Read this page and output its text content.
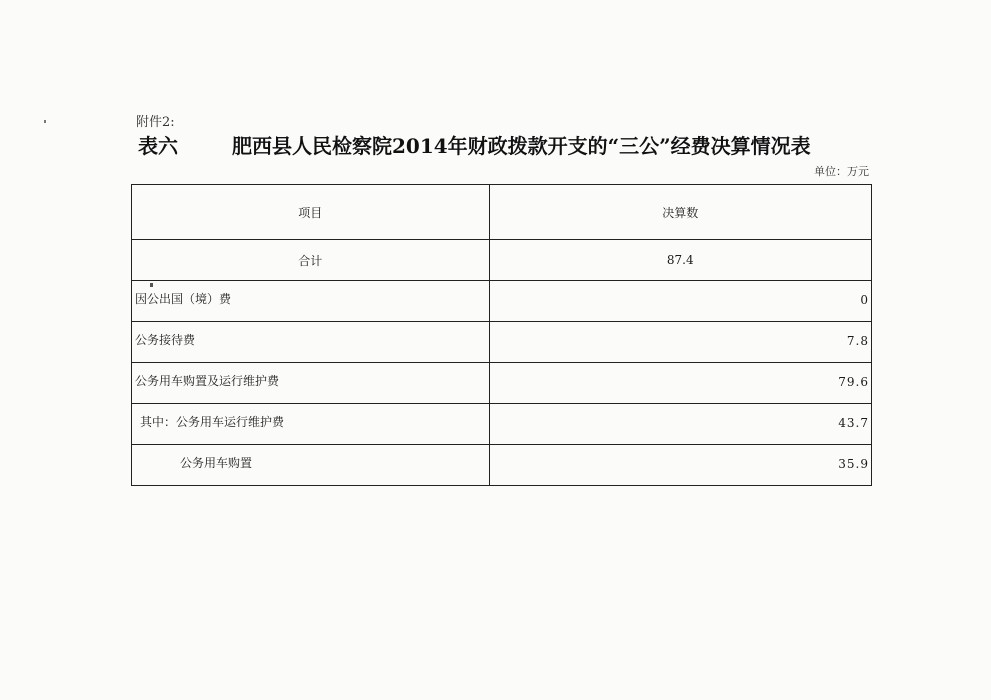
附件2:
表六	肥西县人民检察院2014年财政拨款开支的“三公”经费决算情况表
单位：万元
项目	决算数
合计	87.4

因公出国（境）费	0

公务接待费	7.8

公务用车购置及运行维护费	79.6

其中：公务用车运行维护费	43.7

公务用车购置	35.9
